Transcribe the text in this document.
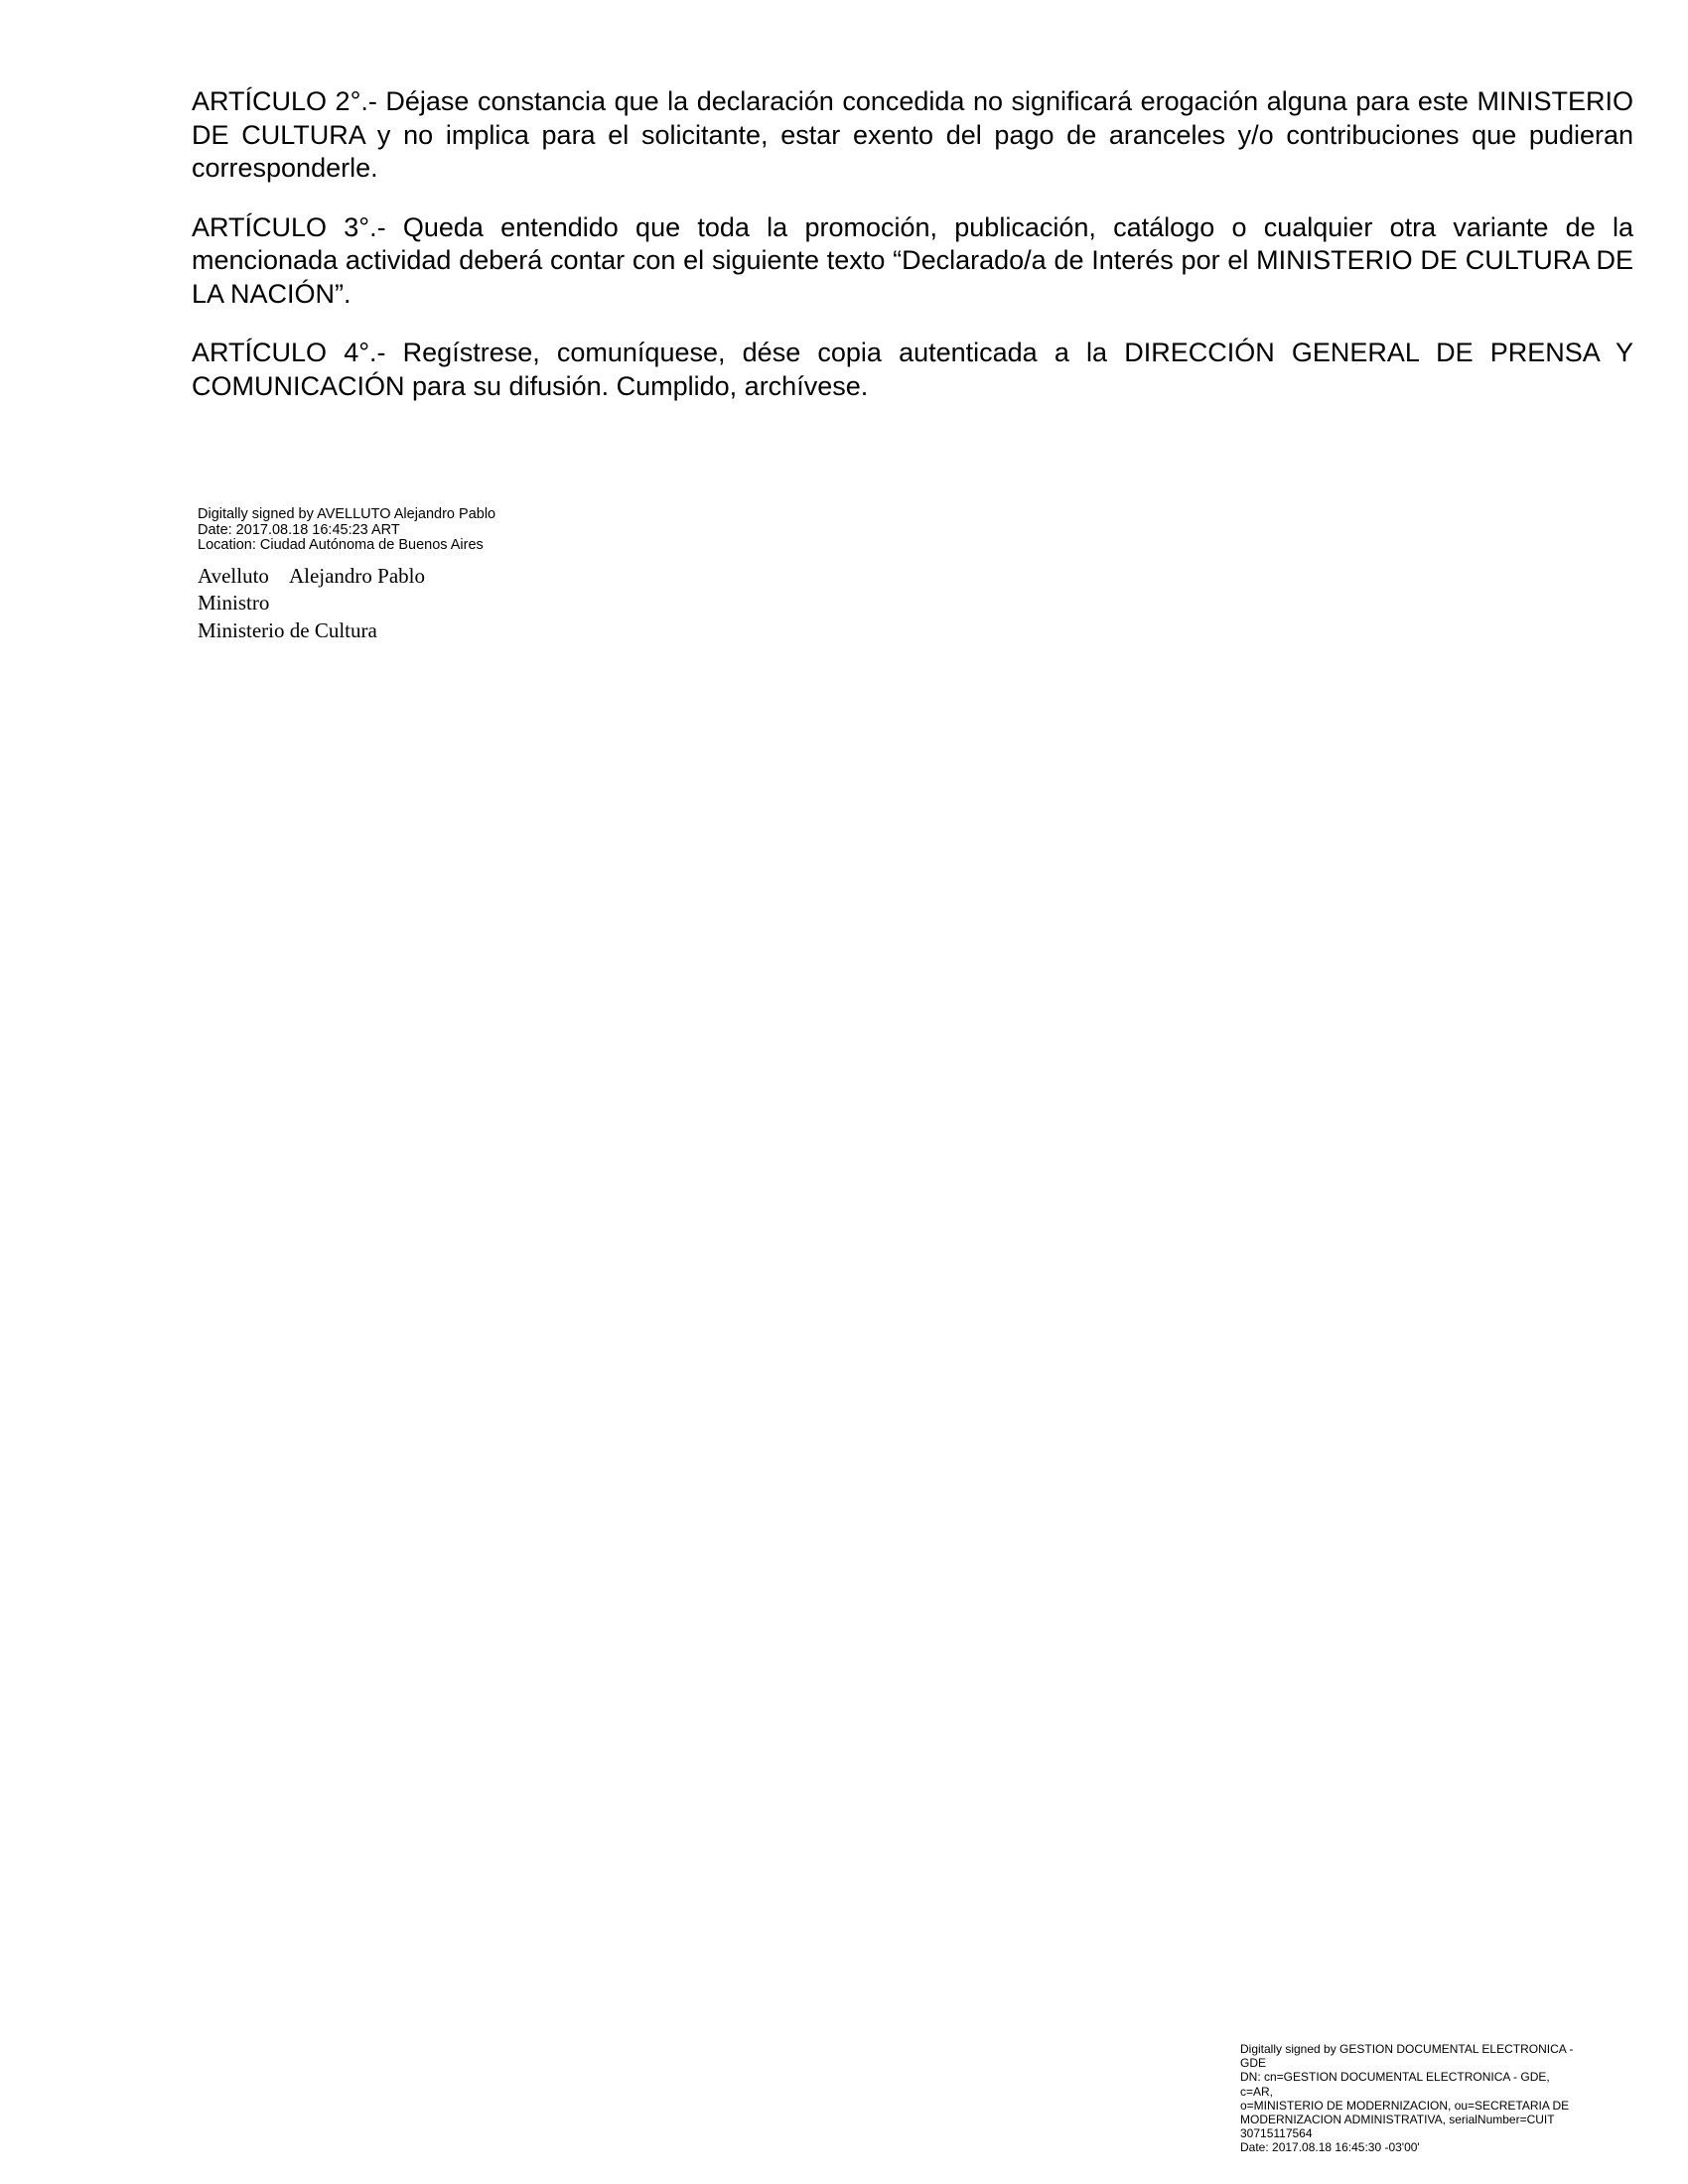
ARTÍCULO 2°.- Déjase constancia que la declaración concedida no significará erogación alguna para este MINISTERIO DE CULTURA y no implica para el solicitante, estar exento del pago de aranceles y/o contribuciones que pudieran corresponderle.

ARTÍCULO 3°.- Queda entendido que toda la promoción, publicación, catálogo o cualquier otra variante de la mencionada actividad deberá contar con el siguiente texto “Declarado/a de Interés por el MINISTERIO DE CULTURA DE LA NACIÓN”.

ARTÍCULO 4°.- Regístrese, comuníquese, dése copia autenticada a la DIRECCIÓN GENERAL DE PRENSA Y COMUNICACIÓN para su difusión. Cumplido, archívese.

Digitally signed by AVELLUTO Alejandro Pablo
Date: 2017.08.18 16:45:23 ART
Location: Ciudad Autónoma de Buenos Aires
Avelluto Alejandro Pablo
Ministro
Ministerio de Cultura
Digitally signed by GESTION DOCUMENTAL ELECTRONICA -
GDE
DN: cn=GESTION DOCUMENTAL ELECTRONICA - GDE, c=AR,
o=MINISTERIO DE MODERNIZACION, ou=SECRETARIA DE
MODERNIZACION ADMINISTRATIVA, serialNumber=CUIT
30715117564
Date: 2017.08.18 16:45:30 -03'00'
